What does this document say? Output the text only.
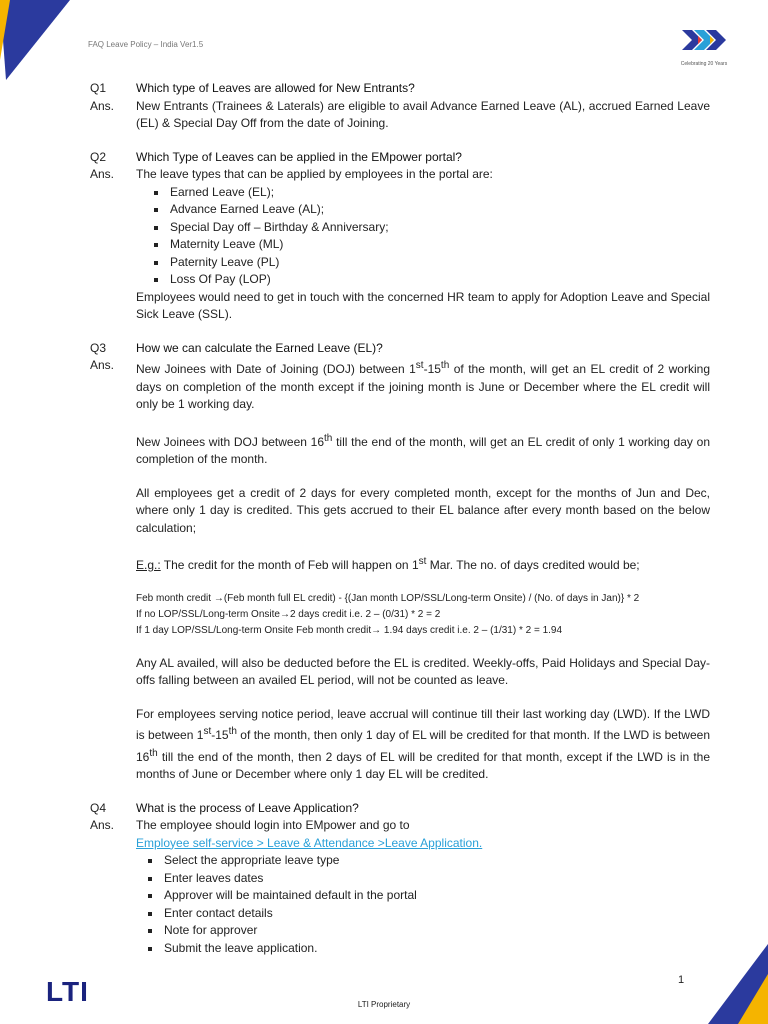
FAQ Leave Policy – India Ver1.5
Celebrating 20 Years
Q1	Which type of Leaves are allowed for New Entrants?
Ans.	New Entrants (Trainees & Laterals) are eligible to avail Advance Earned Leave (AL), accrued Earned Leave (EL) & Special Day Off from the date of Joining.

Q2	Which Type of Leaves can be applied in the EMpower portal?
Ans.	The leave types that can be applied by employees in the portal are:

Earned Leave (EL);
Advance Earned Leave (AL);
Special Day off – Birthday & Anniversary;
Maternity Leave (ML)
Paternity Leave (PL)
Loss Of Pay (LOP)

Employees would need to get in touch with the concerned HR team to apply for Adoption Leave and Special Sick Leave (SSL).

Q3	How we can calculate the Earned Leave (EL)?
Ans.	New Joinees with Date of Joining (DOJ) between 1st-15th of the month, will get an EL credit of 2 working days on completion of the month except if the joining month is June or December where the EL credit will only be 1 working day.

New Joinees with DOJ between 16th till the end of the month, will get an EL credit of only 1 working day on completion of the month.

All employees get a credit of 2 days for every completed month, except for the months of Jun and Dec, where only 1 day is credited. This gets accrued to their EL balance after every month based on the below calculation;

E.g.: The credit for the month of Feb will happen on 1st Mar. The no. of days credited would be;

Feb month credit →(Feb month full EL credit) - {(Jan month LOP/SSL/Long-term Onsite) / (No. of days in Jan)} * 2
If no LOP/SSL/Long-term Onsite→2 days credit i.e. 2 – (0/31) * 2 = 2
If 1 day LOP/SSL/Long-term Onsite Feb month credit→ 1.94 days credit i.e. 2 – (1/31) * 2 = 1.94

Any AL availed, will also be deducted before the EL is credited. Weekly-offs, Paid Holidays and Special Day-offs falling between an availed EL period, will not be counted as leave.

For employees serving notice period, leave accrual will continue till their last working day (LWD). If the LWD is between 1st-15th of the month, then only 1 day of EL will be credited for that month. If the LWD is between 16th till the end of the month, then 2 days of EL will be credited for that month, except if the LWD is in the months of June or December where only 1 day EL will be credited.

Q4	What is the process of Leave Application?
Ans.	The employee should login into EMpower and go to

Employee self-service > Leave & Attendance >Leave Application.
Select the appropriate leave type
Enter leaves dates
Approver will be maintained default in the portal
Enter contact details
Note for approver
Submit the leave application.
LTI	1
LTI Proprietary
